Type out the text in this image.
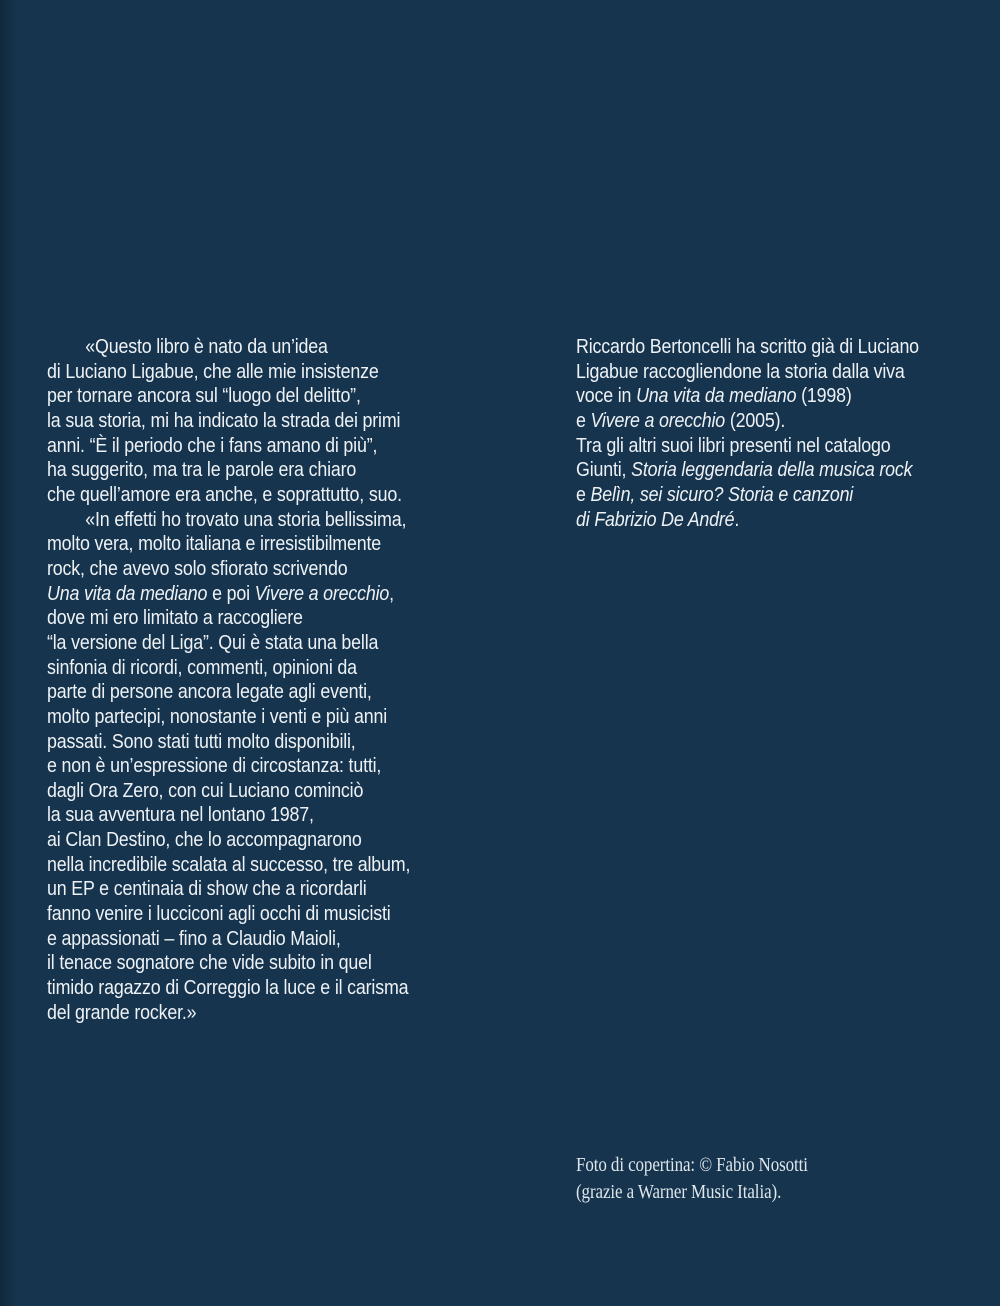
«Questo libro è nato da un’idea
di Luciano Ligabue, che alle mie insistenze
per tornare ancora sul “luogo del delitto”,
la sua storia, mi ha indicato la strada dei primi
anni. “È il periodo che i fans amano di più”,
ha suggerito, ma tra le parole era chiaro
che quell’amore era anche, e soprattutto, suo.
«In effetti ho trovato una storia bellissima,
molto vera, molto italiana e irresistibilmente
rock, che avevo solo sfiorato scrivendo
Una vita da mediano e poi Vivere a orecchio,
dove mi ero limitato a raccogliere
“la versione del Liga”. Qui è stata una bella
sinfonia di ricordi, commenti, opinioni da
parte di persone ancora legate agli eventi,
molto partecipi, nonostante i venti e più anni
passati. Sono stati tutti molto disponibili,
e non è un’espressione di circostanza: tutti,
dagli Ora Zero, con cui Luciano cominciò
la sua avventura nel lontano 1987,
ai Clan Destino, che lo accompagnarono
nella incredibile scalata al successo, tre album,
un EP e centinaia di show che a ricordarli
fanno venire i lucciconi agli occhi di musicisti
e appassionati – fino a Claudio Maioli,
il tenace sognatore che vide subito in quel
timido ragazzo di Correggio la luce e il carisma
del grande rocker.»
Riccardo Bertoncelli ha scritto già di Luciano
Ligabue raccogliendone la storia dalla viva
voce in Una vita da mediano (1998)
e Vivere a orecchio (2005).
Tra gli altri suoi libri presenti nel catalogo
Giunti, Storia leggendaria della musica rock
e Belìn, sei sicuro? Storia e canzoni
di Fabrizio De André.
Foto di copertina: © Fabio Nosotti
(grazie a Warner Music Italia).
